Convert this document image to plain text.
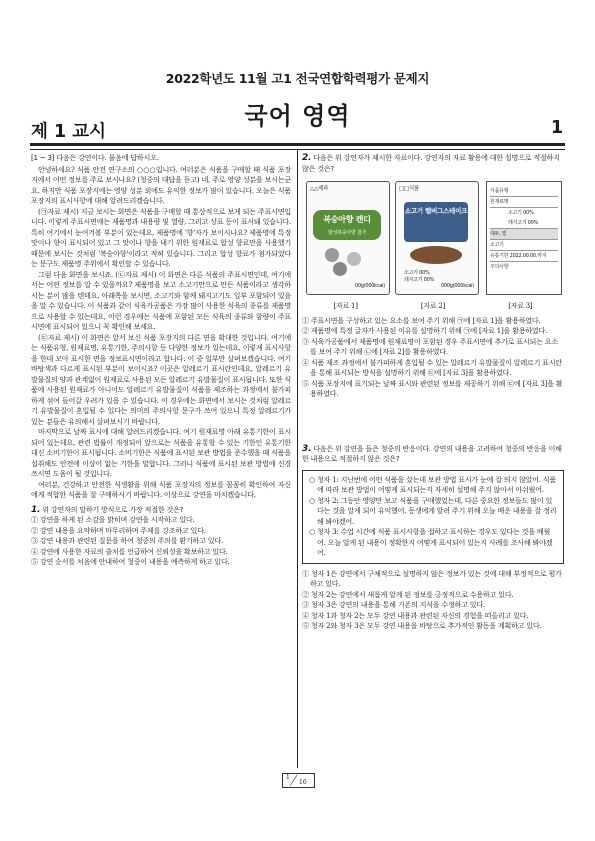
2022학년도 11월 고1 전국연합학력평가 문제지
국어 영역
제 1 교시	1
[1 ~ 3] 다음은 강연이다. 물음에 답하시오.

안녕하세요? 식품 안전 연구소의 ○○○입니다. 여러분은 식품을 구매할 때 식품 포장지에서 어떤 정보를 주로 보시나요? (청중의 대답을 듣고) 네, 주로 영양 성분을 보시는군요. 하지만 식품 포장지에는 영양 성분 외에도 유익한 정보가 많이 있습니다. 오늘은 식품 포장지의 표시사항에 대해 알려드리겠습니다.

(㉠자료 제시) 지금 보시는 화면은 식품을 구매할 때 통상적으로 보게 되는 주표시면입니다. 이렇게 주표시면에는 제품명과 내용량 및 열량, 그리고 상표 등이 표시돼 있습니다. 특히 여기에서 눈여겨볼 부분이 있는데요, 제품명에 '향'자가 보이시나요? 제품명에 특정 맛이나 향이 표시되어 있고 그 맛이나 향을 내기 위한 원재료로 합성 향료만을 사용했기 때문에 보시는 것처럼 '복숭아향'이라고 적혀 있습니다. 그리고 합성 향료가 첨가되었다는 문구도 제품명 주위에서 확인할 수 있습니다.

그럼 다음 화면을 보시죠. (㉡자료 제시) 이 화면은 다른 식품의 주표시면인데, 여기에서는 어떤 정보를 알 수 있을까요? 제품명을 보고 소고기만으로 만든 식품이라고 생각하시는 분이 많을 텐데요, 아래쪽을 보시면, 소고기와 함께 돼지고기도 일부 포함되어 있음을 알 수 있습니다. 이 식품과 같이 식육가공품은 가장 많이 사용한 식육의 종류를 제품명으로 사용할 수 있는데요, 이런 경우에는 식품에 포함된 모든 식육의 종류와 함량이 주표시면에 표시되어 있으니 꼭 확인해 보세요.

(㉢자료 제시) 이 화면은 앞서 보신 식품 포장지의 다른 면을 확대한 것입니다. 여기에는 식품유형, 원재료명, 유통기한, 주의사항 등 다양한 정보가 있는데요, 이렇게 표시사항을 한데 모아 표시한 면을 정보표시면이라고 합니다. 이 중 일부만 살펴보겠습니다. 여기 바탕색과 다르게 표시된 부분이 보이시죠? 이곳은 알레르기 표시란인데요, 알레르기 유발물질의 양과 관계없이 원재료로 사용된 모든 알레르기 유발물질이 표시됩니다. 또한 식품에 사용된 원재료가 아니어도 알레르기 유발물질이 식품을 제조하는 과정에서 불가피하게 섞여 들어갈 우려가 있을 수 있습니다. 이 경우에는 화면에서 보시는 것처럼 알레르기 유발물질이 혼입될 수 있다는 의미의 주의사항 문구가 쓰여 있으니 특정 알레르기가 있는 분들은 유의해서 살펴보시기 바랍니다.

마지막으로 날짜 표시에 대해 알려드리겠습니다. 여기 원재료명 아래 유통기한이 표시되어 있는데요, 관련 법률이 개정되어 앞으로는 식품을 유통할 수 있는 기한인 유통기한 대신 소비기한이 표시됩니다. 소비기한은 식품에 표시된 보관 방법을 준수했을 때 식품을 섭취해도 안전에 이상이 없는 기한을 말합니다. 그러니 식품에 표시된 보관 방법에 신경 쓰시면 도움이 될 것입니다.

여러분, 건강하고 안전한 식생활을 위해 식품 포장지의 정보를 꼼꼼히 확인하여 자신에게 적합한 식품을 잘 구매하시기 바랍니다. 이상으로 강연을 마치겠습니다.

1. 위 강연자의 말하기 방식으로 가장 적절한 것은?

① 강연을 하게 된 소감을 밝히며 강연을 시작하고 있다.

② 강연 내용을 요약하며 마무리하며 주제를 강조하고 있다.

③ 강연 내용과 관련된 질문을 하여 청중의 주의를 환기하고 있다.

④ 강연에 사용한 자료의 출처를 언급하여 신뢰성을 확보하고 있다.

⑤ 강연 순서를 처음에 안내하여 청중이 내용을 예측하게 하고 있다.

2. 다음은 위 강연자가 제시한 자료이다. 강연자의 자료 활용에 대한 설명으로 적절하지 않은 것은?
△△제과
복숭아향 캔디
합성복숭아향 첨가
00g(000kcal)
□□식품
소고기 햄버그스테이크
소고기 00%
돼지고기 00%
000g(000kcal)
식품유형
원재료명
소고기 00%
돼지고기 00%
대두, 밀
소고기
유통기한 2022.00.00.까지
주의사항
[자료 1]	[자료 2]	[자료 3]

① 주표시면을 구성하고 있는 요소를 보여 주기 위해 ㉠에 [자료 1]을 활용하였다.

② 제품명에 특정 글자가 사용된 이유를 설명하기 위해 ㉠에 [자료 1]을 활용하였다.

③ 식육가공품에서 제품명에 원재료명이 포함된 경우 주표시면에 추가로 표시되는 요소를 보여 주기 위해 ㉡에 [자료 2]를 활용하였다.

④ 식품 제조 과정에서 불가피하게 혼입될 수 있는 알레르기 유발물질이 알레르기 표시란을 통해 표시되는 방식을 설명하기 위해 ㉢에 [자료 3]을 활용하였다.

⑤ 식품 포장지에 표기되는 날짜 표시와 관련된 정보를 제공하기 위해 ㉢에 [자료 3]을 활용하였다.

3. 다음은 위 강연을 들은 청중의 반응이다. 강연의 내용을 고려하여 청중의 반응을 이해한 내용으로 적절하지 않은 것은?

○ 청자 1: 지난번에 어떤 식품을 샀는데 보관 방법 표시가 눈에 잘 띄지 않았어. 식품에 따라 보관 방법이 어떻게 표시되는지 자세히 설명해 주지 않아서 아쉬웠어.

○ 청자 2: 그동안 영양만 보고 식품을 구매했었는데, 다른 중요한 정보들도 많이 있다는 것을 알게 되어 유익했어. 동생에게 알려 주기 위해 오늘 배운 내용을 잘 정리해 봐야겠어.

○ 청자 3: 수업 시간에 식품 표시사항을 접하고 표시하는 경우도 있다는 것을 배웠어. 오늘 알게 된 내용이 정확한지 어떻게 표시되어 있는지 사례를 조사해 봐야겠어.

① 청자 1은 강연에서 구체적으로 설명하지 않은 정보가 있는 것에 대해 부정적으로 평가하고 있다.

② 청자 2는 강연에서 새롭게 알게 된 정보를 긍정적으로 수용하고 있다.

③ 청자 3은 강연의 내용을 통해 기존의 지식을 수정하고 있다.

④ 청자 1과 청자 2는 모두 강연 내용과 관련된 자신의 경험을 떠올리고 있다.

⑤ 청자 2와 청자 3은 모두 강연 내용을 바탕으로 추가적인 활동을 계획하고 있다.

1
16
